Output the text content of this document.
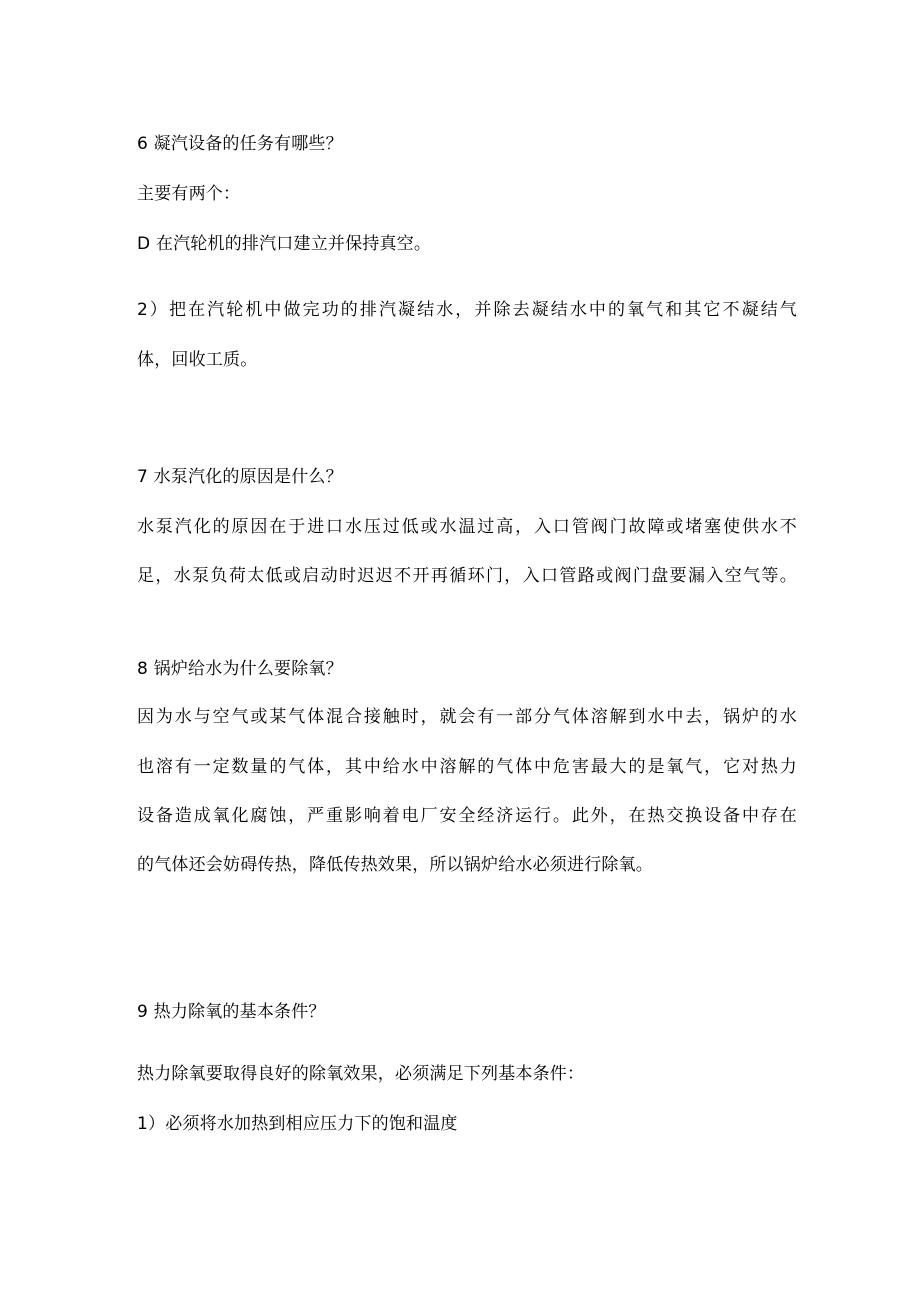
6 凝汽设备的任务有哪些？
主要有两个：
D 在汽轮机的排汽口建立并保持真空。
2）把在汽轮机中做完功的排汽凝结水，并除去凝结水中的氧气和其它不凝结气
体，回收工质。
7 水泵汽化的原因是什么？
水泵汽化的原因在于进口水压过低或水温过高，入口管阀门故障或堵塞使供水不
足，水泵负荷太低或启动时迟迟不开再循环门，入口管路或阀门盘要漏入空气等。
8 锅炉给水为什么要除氧？
因为水与空气或某气体混合接触时，就会有一部分气体溶解到水中去，锅炉的水
也溶有一定数量的气体，其中给水中溶解的气体中危害最大的是氧气，它对热力
设备造成氧化腐蚀，严重影响着电厂安全经济运行。此外，在热交换设备中存在
的气体还会妨碍传热，降低传热效果，所以锅炉给水必须进行除氧。
9 热力除氧的基本条件？
热力除氧要取得良好的除氧效果，必须满足下列基本条件：
1）必须将水加热到相应压力下的饱和温度
